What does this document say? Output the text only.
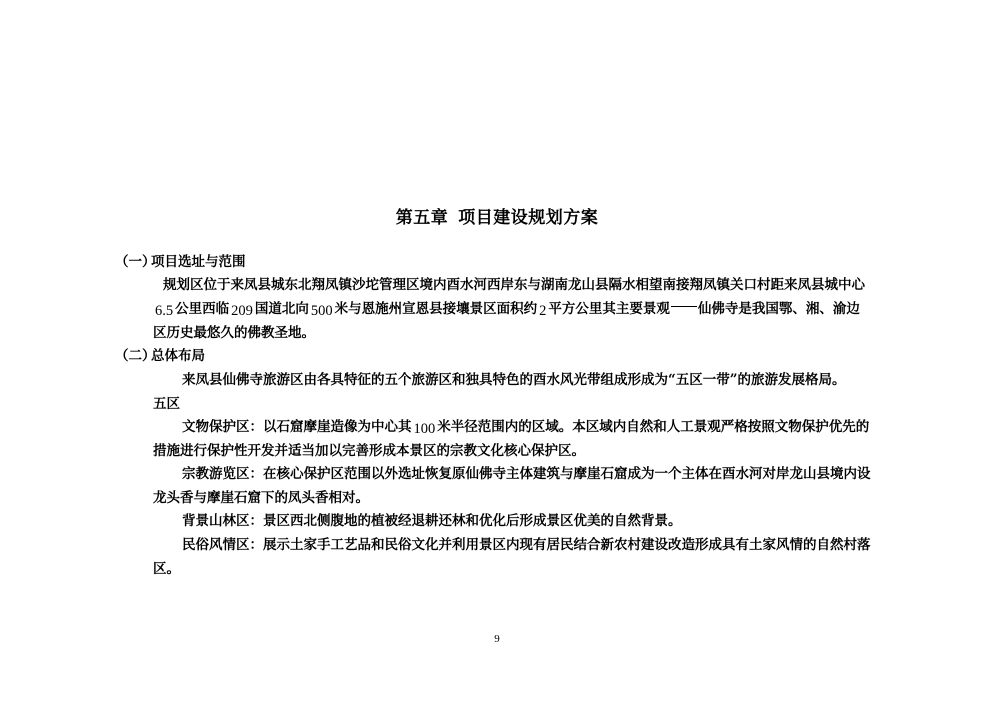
第五章 项目建设规划方案
（一）项目选址与范围
规划区位于来凤县城东北翔凤镇沙坨管理区境内酉水河西岸东与湖南龙山县隔水相望南接翔凤镇关口村距来凤县城中心
6.5 公里西临 209 国道北向 500 米与恩施州宣恩县接壤景区面积约 2 平方公里其主要景观 仙佛寺是我国鄂、湘、渝边
区历史最悠久的佛教圣地。
（二）总体布局
来凤县仙佛寺旅游区由各具特征的五个旅游区和独具特色的酉水风光带组成形成为“五区一带”的旅游发展格局。
五区
文物保护区：以石窟摩崖造像为中心其 100 米半径范围内的区域。本区域内自然和人工景观严格按照文物保护优先的
措施进行保护性开发并适当加以完善形成本景区的宗教文化核心保护区。
宗教游览区：在核心保护区范围以外选址恢复原仙佛寺主体建筑与摩崖石窟成为一个主体在酉水河对岸龙山县境内设
龙头香与摩崖石窟下的凤头香相对。
背景山林区：景区西北侧腹地的植被经退耕还林和优化后形成景区优美的自然背景。
民俗风情区：展示土家手工艺品和民俗文化并利用景区内现有居民结合新农村建设改造形成具有土家风情的自然村落
区。
9
